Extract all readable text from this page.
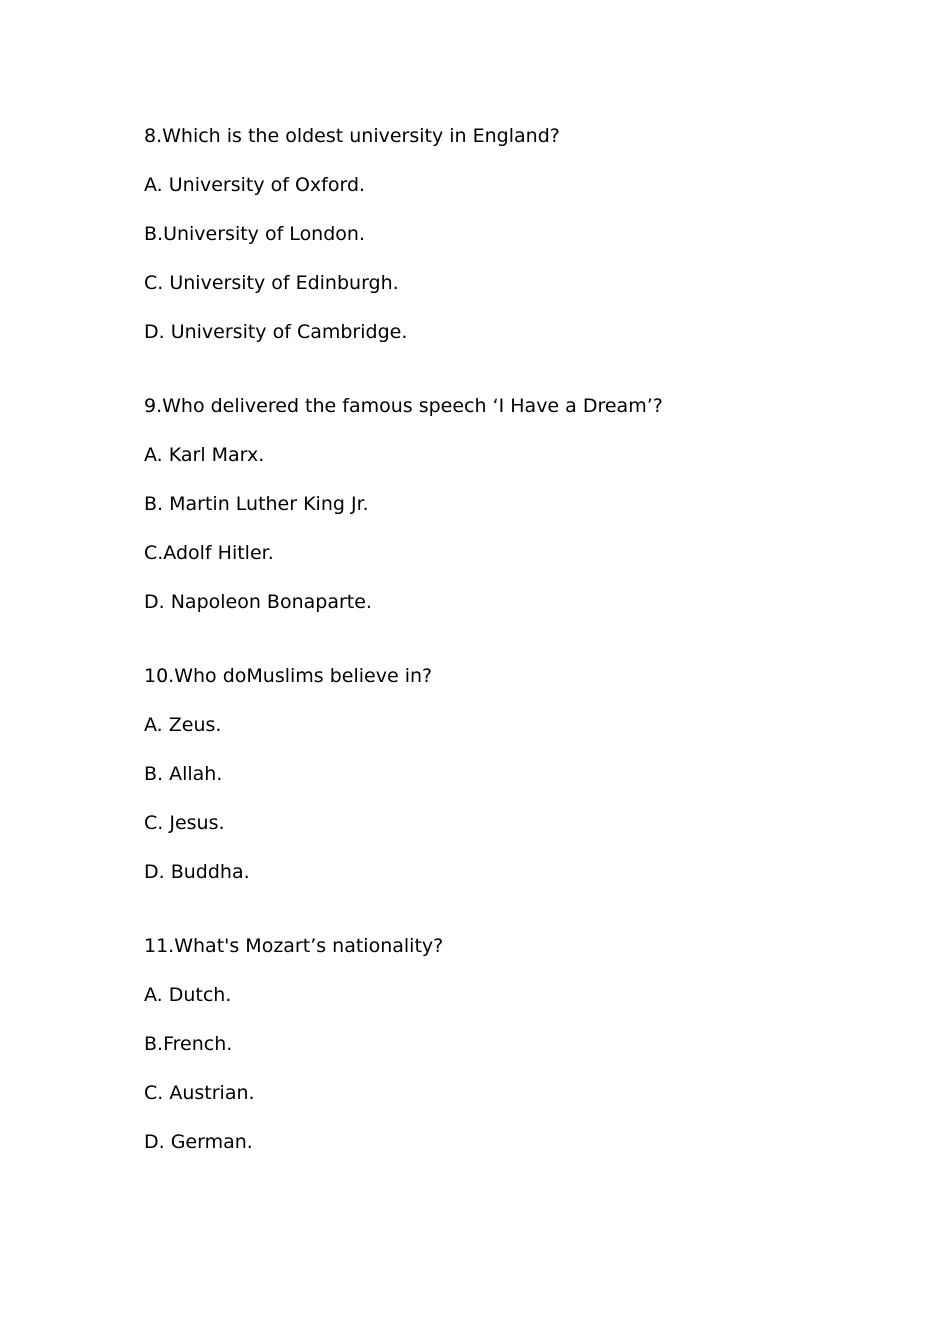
8.Which is the oldest university in England?

A. University of Oxford.

B.University of London.

C. University of Edinburgh.

D. University of Cambridge.

9.Who delivered the famous speech ‘I Have a Dream’?

A. Karl Marx.

B. Martin Luther King Jr.

C.Adolf Hitler.

D. Napoleon Bonaparte.

10.Who doMuslims believe in?

A. Zeus.

B. Allah.

C. Jesus.

D. Buddha.

11.What's Mozart’s nationality?

A. Dutch.

B.French.

C. Austrian.

D. German.
